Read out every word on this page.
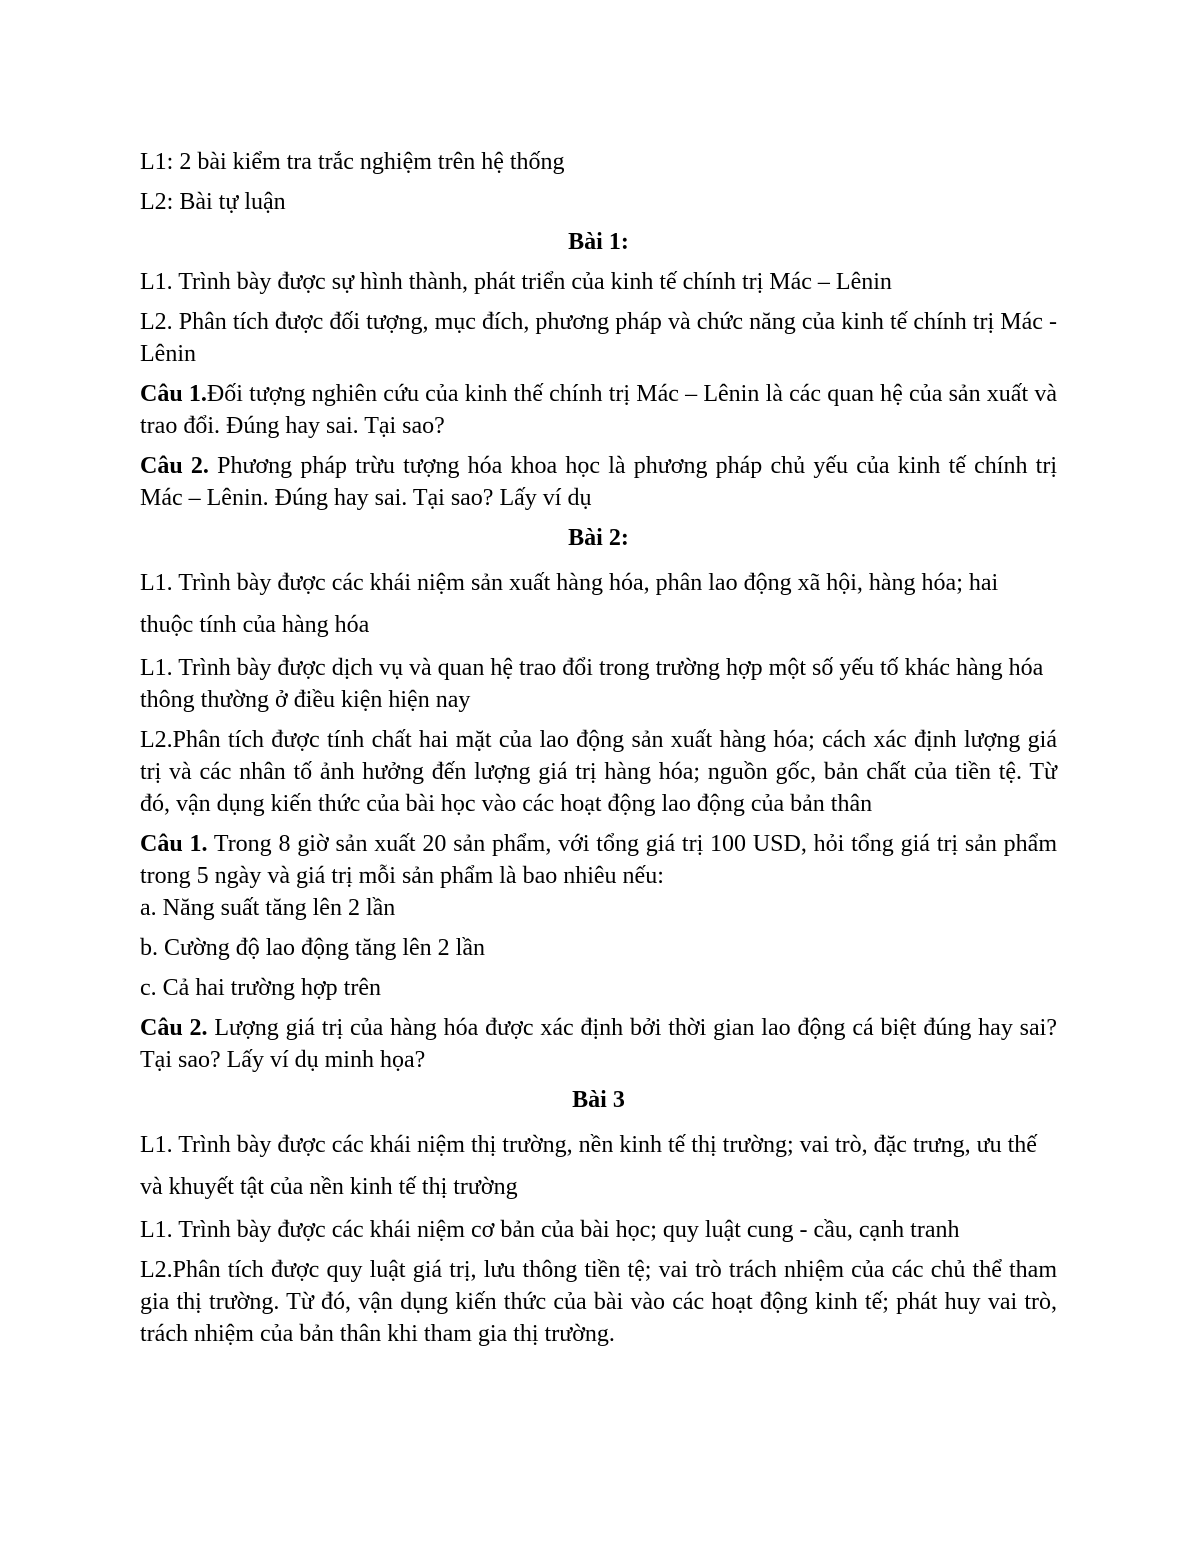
L1: 2 bài kiểm tra trắc nghiệm trên hệ thống

L2: Bài tự luận

Bài 1:

L1. Trình bày được sự hình thành, phát triển của kinh tế chính trị Mác – Lênin

L2. Phân tích được đối tượng, mục đích, phương pháp và chức năng của kinh tế chính trị Mác - Lênin

Câu 1.Đối tượng nghiên cứu của kinh thế chính trị Mác – Lênin là các quan hệ của sản xuất và trao đổi. Đúng hay sai. Tại sao?

Câu 2. Phương pháp trừu tượng hóa khoa học là phương pháp chủ yếu của kinh tế chính trị Mác – Lênin. Đúng hay sai. Tại sao? Lấy ví dụ

Bài 2:

L1. Trình bày được các khái niệm sản xuất hàng hóa, phân lao động xã hội, hàng hóa; hai thuộc tính của hàng hóa

L1. Trình bày được dịch vụ và quan hệ trao đổi trong trường hợp một số yếu tố khác hàng hóa thông thường ở điều kiện hiện nay

L2.Phân tích được tính chất hai mặt của lao động sản xuất hàng hóa; cách xác định lượng giá trị và các nhân tố ảnh hưởng đến lượng giá trị hàng hóa; nguồn gốc, bản chất của tiền tệ. Từ đó, vận dụng kiến thức của bài học vào các hoạt động lao động của bản thân

Câu 1. Trong 8 giờ sản xuất 20 sản phẩm, với tổng giá trị 100 USD, hỏi tổng giá trị sản phẩm trong 5 ngày và giá trị mỗi sản phẩm là bao nhiêu nếu:

a. Năng suất tăng lên 2 lần

b. Cường độ lao động tăng lên 2 lần

c. Cả hai trường hợp trên

Câu 2. Lượng giá trị của hàng hóa được xác định bởi thời gian lao động cá biệt đúng hay sai? Tại sao? Lấy ví dụ minh họa?

Bài 3

L1. Trình bày được các khái niệm thị trường, nền kinh tế thị trường; vai trò, đặc trưng, ưu thế và khuyết tật của nền kinh tế thị trường

L1. Trình bày được các khái niệm cơ bản của bài học; quy luật cung - cầu, cạnh tranh

L2.Phân tích được quy luật giá trị, lưu thông tiền tệ; vai trò trách nhiệm của các chủ thể tham gia thị trường. Từ đó, vận dụng kiến thức của bài vào các hoạt động kinh tế; phát huy vai trò, trách nhiệm của bản thân khi tham gia thị trường.
